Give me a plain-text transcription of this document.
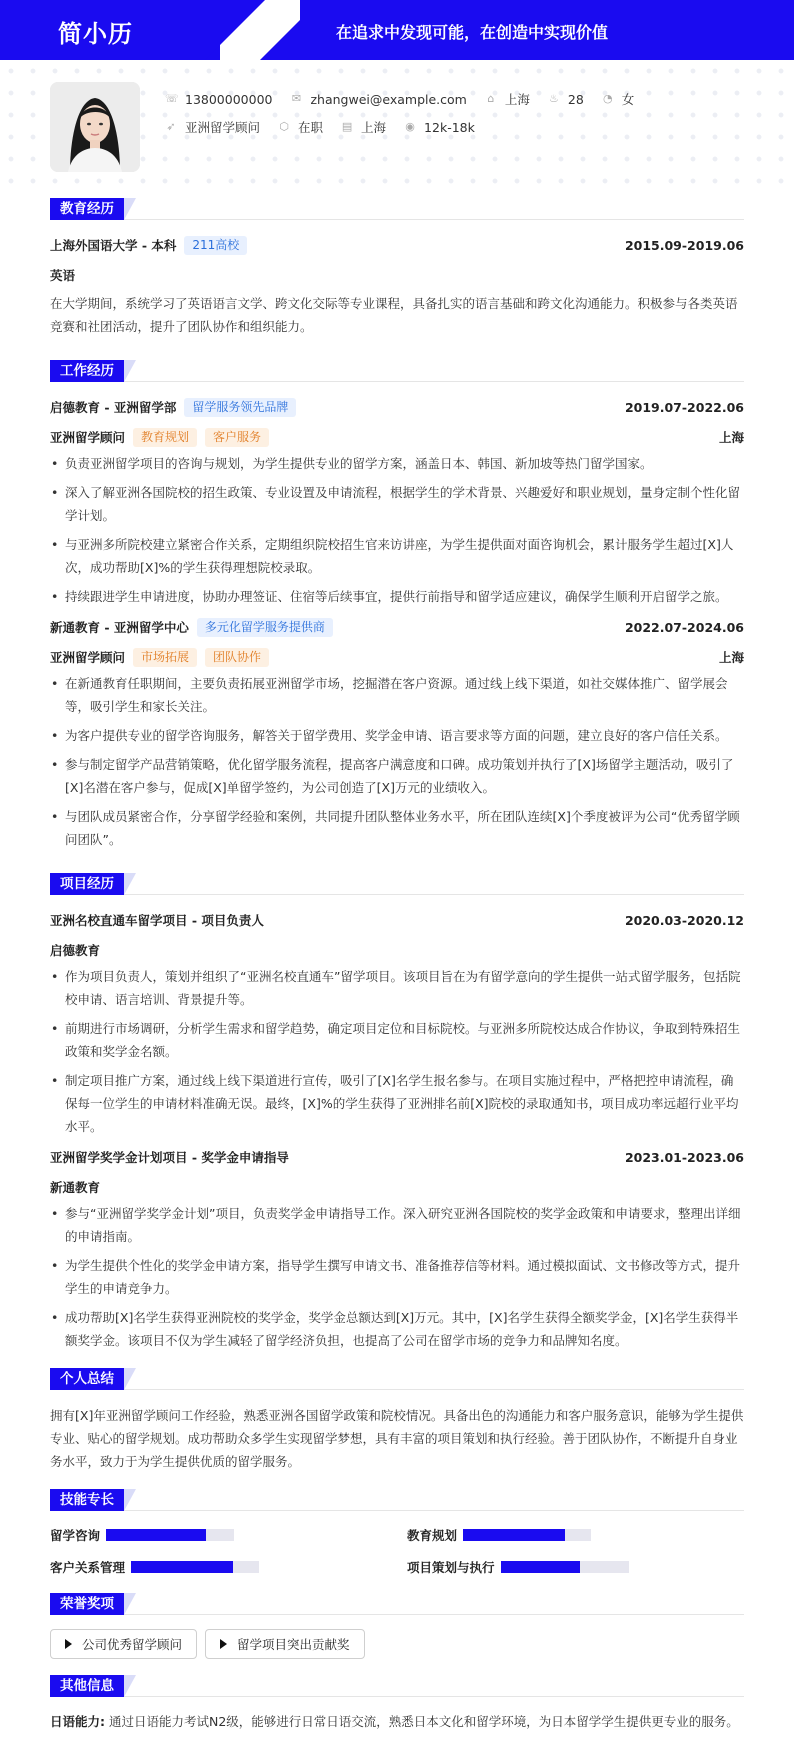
简小历	在追求中发现可能，在创造中实现价值
☏ 13800000000 ✉ zhangwei@example.com ⌂ 上海 ♨ 28 ◔ 女
➶ 亚洲留学顾问 ⬡ 在职 ▤ 上海 ◉ 12k-18k
教育经历
上海外国语大学 - 本科	211高校	2015.09-2019.06
英语
在大学期间，系统学习了英语语言文学、跨文化交际等专业课程，具备扎实的语言基础和跨文化沟通能力。积极参与各类英语竞赛和社团活动，提升了团队协作和组织能力。
工作经历
启德教育 - 亚洲留学部	留学服务领先品牌	2019.07-2022.06
亚洲留学顾问	教育规划	客户服务	上海
• 负责亚洲留学项目的咨询与规划，为学生提供专业的留学方案，涵盖日本、韩国、新加坡等热门留学国家。
• 深入了解亚洲各国院校的招生政策、专业设置及申请流程，根据学生的学术背景、兴趣爱好和职业规划，量身定制个性化留学计划。
• 与亚洲多所院校建立紧密合作关系，定期组织院校招生官来访讲座，为学生提供面对面咨询机会，累计服务学生超过[X]人次，成功帮助[X]%的学生获得理想院校录取。
• 持续跟进学生申请进度，协助办理签证、住宿等后续事宜，提供行前指导和留学适应建议，确保学生顺利开启留学之旅。
新通教育 - 亚洲留学中心	多元化留学服务提供商	2022.07-2024.06
亚洲留学顾问	市场拓展	团队协作	上海
• 在新通教育任职期间，主要负责拓展亚洲留学市场，挖掘潜在客户资源。通过线上线下渠道，如社交媒体推广、留学展会等，吸引学生和家长关注。
• 为客户提供专业的留学咨询服务，解答关于留学费用、奖学金申请、语言要求等方面的问题，建立良好的客户信任关系。
• 参与制定留学产品营销策略，优化留学服务流程，提高客户满意度和口碑。成功策划并执行了[X]场留学主题活动，吸引了[X]名潜在客户参与，促成[X]单留学签约，为公司创造了[X]万元的业绩收入。
• 与团队成员紧密合作，分享留学经验和案例，共同提升团队整体业务水平，所在团队连续[X]个季度被评为公司“优秀留学顾问团队”。
项目经历
亚洲名校直通车留学项目 - 项目负责人	2020.03-2020.12
启德教育
• 作为项目负责人，策划并组织了“亚洲名校直通车”留学项目。该项目旨在为有留学意向的学生提供一站式留学服务，包括院校申请、语言培训、背景提升等。
• 前期进行市场调研，分析学生需求和留学趋势，确定项目定位和目标院校。与亚洲多所院校达成合作协议，争取到特殊招生政策和奖学金名额。
• 制定项目推广方案，通过线上线下渠道进行宣传，吸引了[X]名学生报名参与。在项目实施过程中，严格把控申请流程，确保每一位学生的申请材料准确无误。最终，[X]%的学生获得了亚洲排名前[X]院校的录取通知书，项目成功率远超行业平均水平。
亚洲留学奖学金计划项目 - 奖学金申请指导	2023.01-2023.06
新通教育
• 参与“亚洲留学奖学金计划”项目，负责奖学金申请指导工作。深入研究亚洲各国院校的奖学金政策和申请要求，整理出详细的申请指南。
• 为学生提供个性化的奖学金申请方案，指导学生撰写申请文书、准备推荐信等材料。通过模拟面试、文书修改等方式，提升学生的申请竞争力。
• 成功帮助[X]名学生获得亚洲院校的奖学金，奖学金总额达到[X]万元。其中，[X]名学生获得全额奖学金，[X]名学生获得半额奖学金。该项目不仅为学生减轻了留学经济负担，也提高了公司在留学市场的竞争力和品牌知名度。
个人总结
拥有[X]年亚洲留学顾问工作经验，熟悉亚洲各国留学政策和院校情况。具备出色的沟通能力和客户服务意识，能够为学生提供专业、贴心的留学规划。成功帮助众多学生实现留学梦想，具有丰富的项目策划和执行经验。善于团队协作，不断提升自身业务水平，致力于为学生提供优质的留学服务。
技能专长
留学咨询	教育规划
客户关系管理	项目策划与执行
荣誉奖项
公司优秀留学顾问	留学项目突出贡献奖
其他信息
日语能力: 通过日语能力考试N2级，能够进行日常日语交流，熟悉日本文化和留学环境，为日本留学学生提供更专业的服务。
